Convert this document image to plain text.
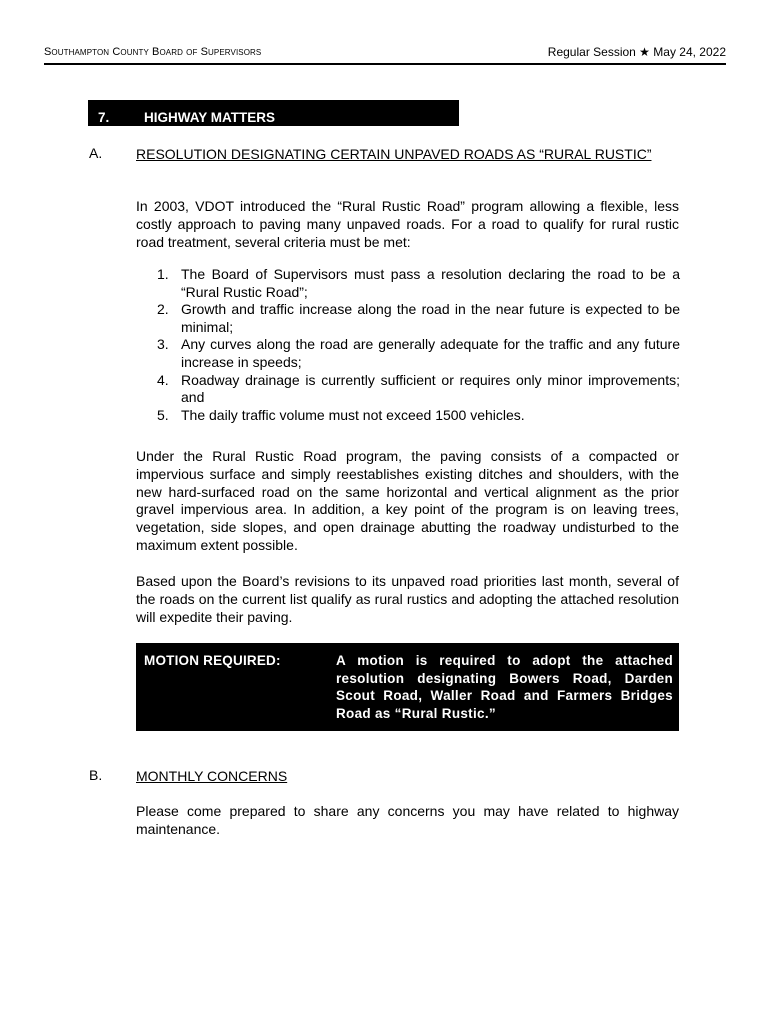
Southampton County Board of Supervisors	Regular Session ★ May 24, 2022
7.	HIGHWAY MATTERS
A. RESOLUTION DESIGNATING CERTAIN UNPAVED ROADS AS “RURAL RUSTIC”

In 2003, VDOT introduced the “Rural Rustic Road” program allowing a flexible, less costly approach to paving many unpaved roads. For a road to qualify for rural rustic road treatment, several criteria must be met:

1. The Board of Supervisors must pass a resolution declaring the road to be a “Rural Rustic Road”;
2. Growth and traffic increase along the road in the near future is expected to be minimal;
3. Any curves along the road are generally adequate for the traffic and any future increase in speeds;
4. Roadway drainage is currently sufficient or requires only minor improvements; and
5. The daily traffic volume must not exceed 1500 vehicles.

Under the Rural Rustic Road program, the paving consists of a compacted or impervious surface and simply reestablishes existing ditches and shoulders, with the new hard-surfaced road on the same horizontal and vertical alignment as the prior gravel impervious area. In addition, a key point of the program is on leaving trees, vegetation, side slopes, and open drainage abutting the roadway undisturbed to the maximum extent possible.

Based upon the Board’s revisions to its unpaved road priorities last month, several of the roads on the current list qualify as rural rustics and adopting the attached resolution will expedite their paving.

MOTION REQUIRED:	A motion is required to adopt the attached resolution designating Bowers Road, Darden Scout Road, Waller Road and Farmers Bridges Road as “Rural Rustic.”
B. MONTHLY CONCERNS

Please come prepared to share any concerns you may have related to highway maintenance.
